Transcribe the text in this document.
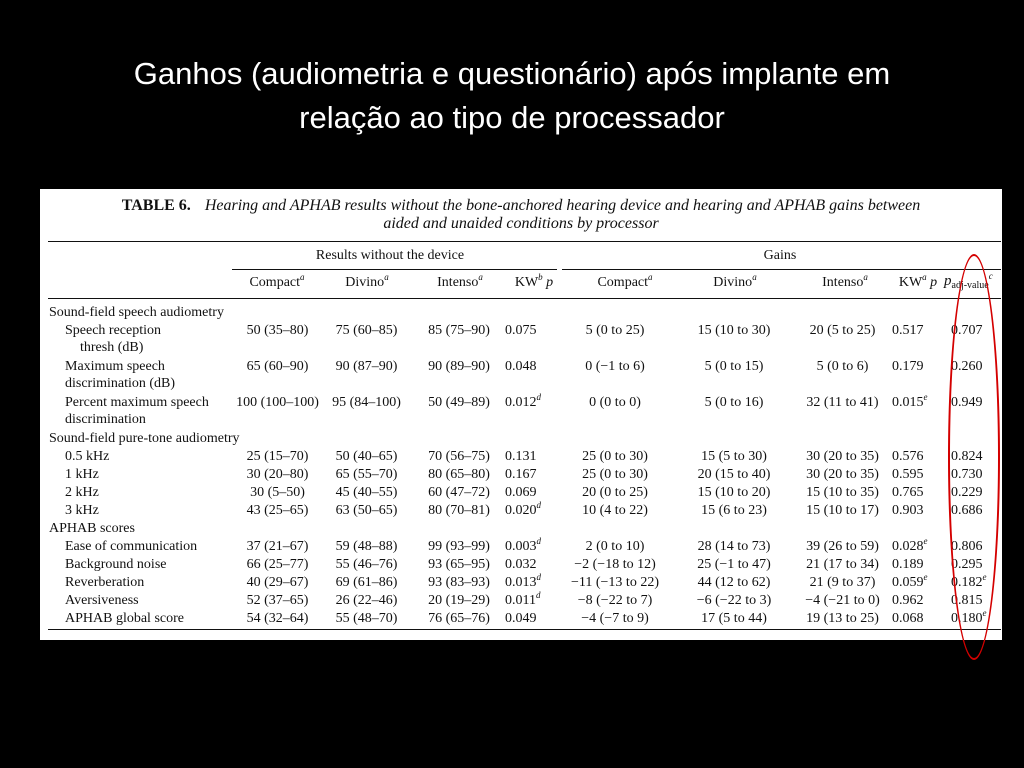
Ganhos (audiometria e questionário) após implante em
relação ao tipo de processador
TABLE 6. Hearing and APHAB results without the bone-anchored hearing device and hearing and APHAB gains between
aided and unaided conditions by processor
Results without the device	Gains
Compact$^a$	Divino$^a$	Intenso$^a$	Compact$^a$	Divino$^a$	Intenso$^a$
$KW^b$ p	$KW^a$ p $p_{adj-value}^c$
Sound-field speech audiometry
Speech reception	50 (35–80)	75 (60–85)	85 (75–90)	0.075	5 (0 to 25)	15 (10 to 30)	20 (5 to 25)	0.517	0.707
thresh (dB)
Maximum speech	65 (60–90)	90 (87–90)	90 (89–90)	0.048	0 (−1 to 6)	5 (0 to 15)	5 (0 to 6)	0.179	0.260
discrimination (dB)
Percent maximum speech	100 (100–100) 95 (84–100)	50 (49–89)	0.012$^d$	0 (0 to 0)	5 (0 to 16)	32 (11 to 41) 0.015e	0.949
discrimination
Sound-field pure-tone audiometry
0.5 kHz	25 (15–70)	50 (40–65)	70 (56–75)	0.131	25 (0 to 30)	15 (5 to 30)	30 (20 to 35) 0.576	0.824
1 kHz	30 (20–80)	65 (55–70)	80 (65–80)	0.167	25 (0 to 30)	20 (15 to 40)	30 (20 to 35) 0.595	0.730
2 kHz	30 (5–50)	45 (40–55)	60 (47–72)	0.069	20 (0 to 25)	15 (10 to 20)	15 (10 to 35) 0.765	0.229
3 kHz	43 (25–65)	63 (50–65)	80 (70–81)	0.020$^d$	10 (4 to 22)	15 (6 to 23)	15 (10 to 17) 0.903	0.686
APHAB scores
Ease of communication	37 (21–67)	59 (48–88)	99 (93–99)	0.003$^d$	2 (0 to 10)	28 (14 to 73)	39 (26 to 59) 0.028e	0.806
Background noise	66 (25–77)	55 (46–76)	93 (65–95)	0.032	−2 (−18 to 12)	25 (−1 to 47)	21 (17 to 34) 0.189	0.295
Reverberation	40 (29–67)	69 (61–86)	93 (83–93)	0.013$^d$	−11 (−13 to 22)	44 (12 to 62)	21 (9 to 37)	0.059e	0.182e
Aversiveness	52 (37–65)	26 (22–46)	20 (19–29)	0.011$^d$	−8 (−22 to 7)	−6 (−22 to 3)	−4 (−21 to 0) 0.962	0.815
APHAB global score	54 (32–64)	55 (48–70)	76 (65–76)	0.049	−4 (−7 to 9)	17 (5 to 44)	19 (13 to 25) 0.068	0.180e
